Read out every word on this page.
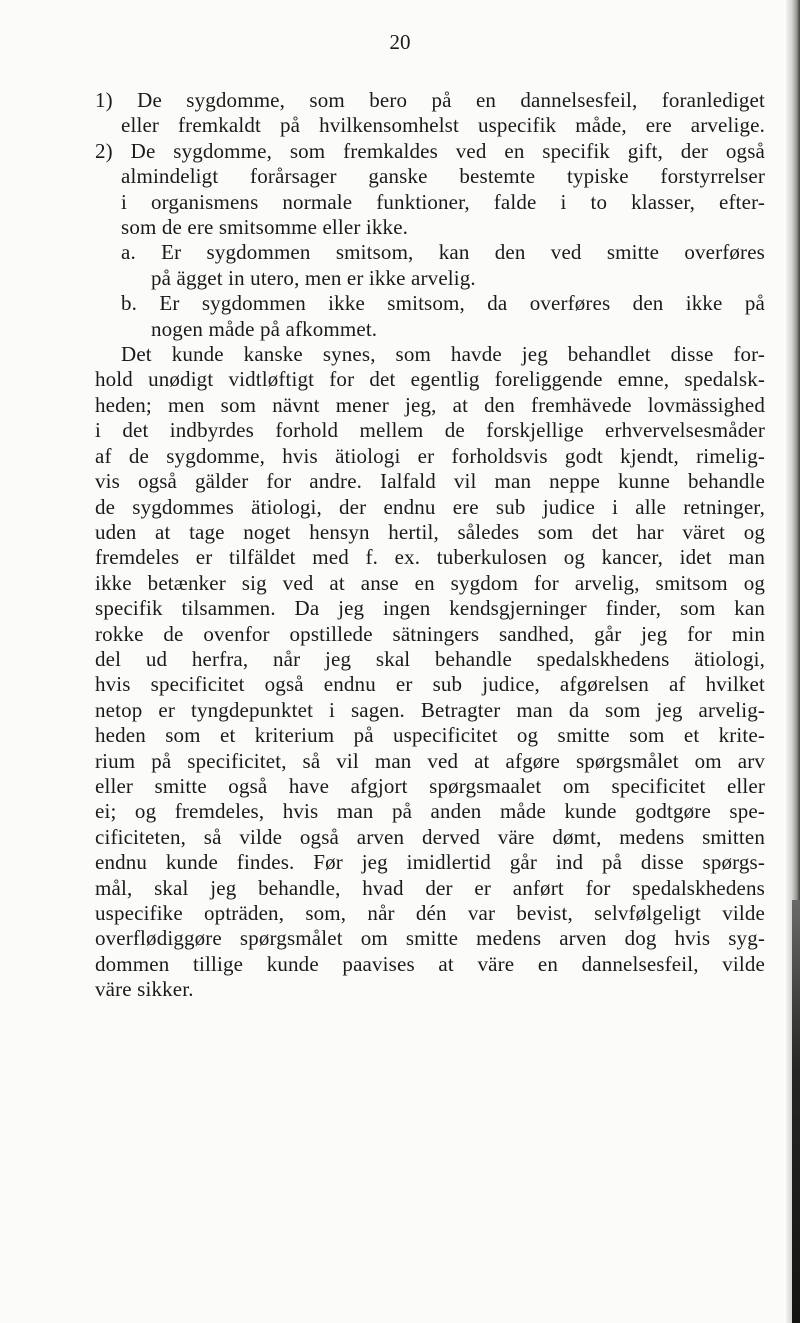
20
1) De sygdomme, som bero på en dannelsesfeil, foranlediget
eller fremkaldt på hvilkensomhelst uspecifik måde, ere arvelige.
2) De sygdomme, som fremkaldes ved en specifik gift, der også
almindeligt forårsager ganske bestemte typiske forstyrrelser
i organismens normale funktioner, falde i to klasser, efter-
som de ere smitsomme eller ikke.
a. Er sygdommen smitsom, kan den ved smitte overføres
på ägget in utero, men er ikke arvelig.
b. Er sygdommen ikke smitsom, da overføres den ikke på
nogen måde på afkommet.
Det kunde kanske synes, som havde jeg behandlet disse for-
hold unødigt vidtløftigt for det egentlig foreliggende emne, spedalsk-
heden; men som nävnt mener jeg, at den fremhävede lovmässighed
i det indbyrdes forhold mellem de forskjellige erhvervelsesmåder
af de sygdomme, hvis ätiologi er forholdsvis godt kjendt, rimelig-
vis også gälder for andre. Ialfald vil man neppe kunne behandle
de sygdommes ätiologi, der endnu ere sub judice i alle retninger,
uden at tage noget hensyn hertil, således som det har väret og
fremdeles er tilfäldet med f. ex. tuberkulosen og kancer, idet man
ikke betænker sig ved at anse en sygdom for arvelig, smitsom og
specifik tilsammen. Da jeg ingen kendsgjerninger finder, som kan
rokke de ovenfor opstillede sätningers sandhed, går jeg for min
del ud herfra, når jeg skal behandle spedalskhedens ätiologi,
hvis specificitet også endnu er sub judice, afgørelsen af hvilket
netop er tyngdepunktet i sagen. Betragter man da som jeg arvelig-
heden som et kriterium på uspecificitet og smitte som et krite-
rium på specificitet, så vil man ved at afgøre spørgsmålet om arv
eller smitte også have afgjort spørgsmaalet om specificitet eller
ei; og fremdeles, hvis man på anden måde kunde godtgøre spe-
cificiteten, så vilde også arven derved väre dømt, medens smitten
endnu kunde findes. Før jeg imidlertid går ind på disse spørgs-
mål, skal jeg behandle, hvad der er anført for spedalskhedens
uspecifike opträden, som, når dén var bevist, selvfølgeligt vilde
overflødiggøre spørgsmålet om smitte medens arven dog hvis syg-
dommen tillige kunde paavises at väre en dannelsesfeil, vilde
väre sikker.
